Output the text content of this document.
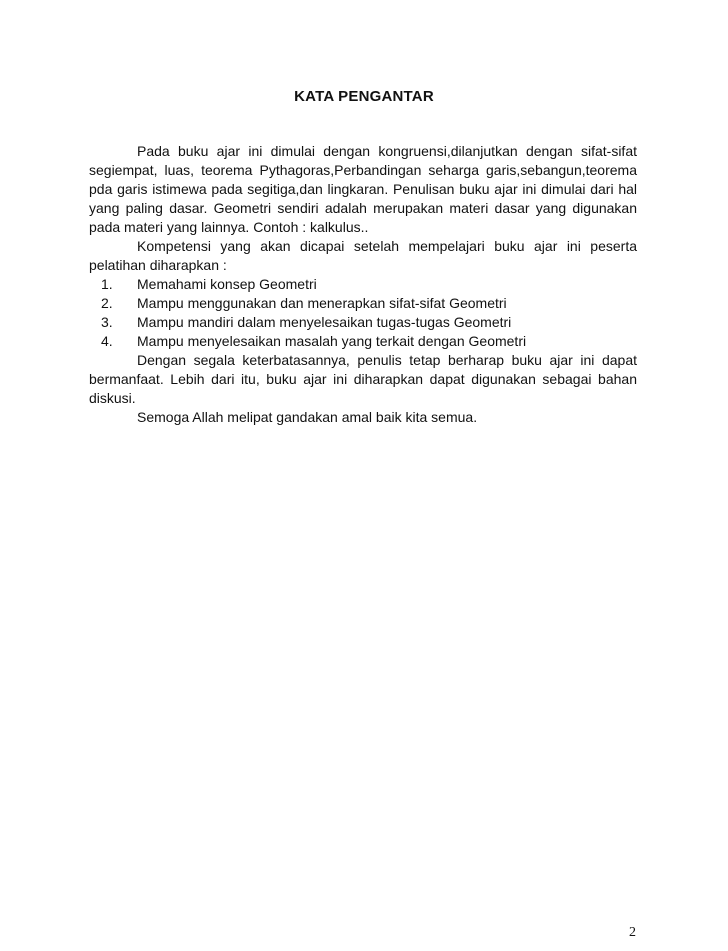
KATA PENGANTAR

Pada buku ajar ini dimulai dengan kongruensi,dilanjutkan dengan sifat-sifat segiempat, luas, teorema Pythagoras,Perbandingan seharga garis,sebangun,teorema pda garis istimewa pada segitiga,dan lingkaran. Penulisan buku ajar ini dimulai dari hal yang paling dasar. Geometri sendiri adalah merupakan materi dasar yang digunakan pada materi yang lainnya. Contoh : kalkulus..

Kompetensi yang akan dicapai setelah mempelajari buku ajar ini peserta pelatihan diharapkan :

1.	Memahami konsep Geometri
2.	Mampu menggunakan dan menerapkan sifat-sifat Geometri
3.	Mampu mandiri dalam menyelesaikan tugas-tugas Geometri
4.	Mampu menyelesaikan masalah yang terkait dengan Geometri

Dengan segala keterbatasannya, penulis tetap berharap buku ajar ini dapat bermanfaat. Lebih dari itu, buku ajar ini diharapkan dapat digunakan sebagai bahan diskusi.

Semoga Allah melipat gandakan amal baik kita semua.

2
